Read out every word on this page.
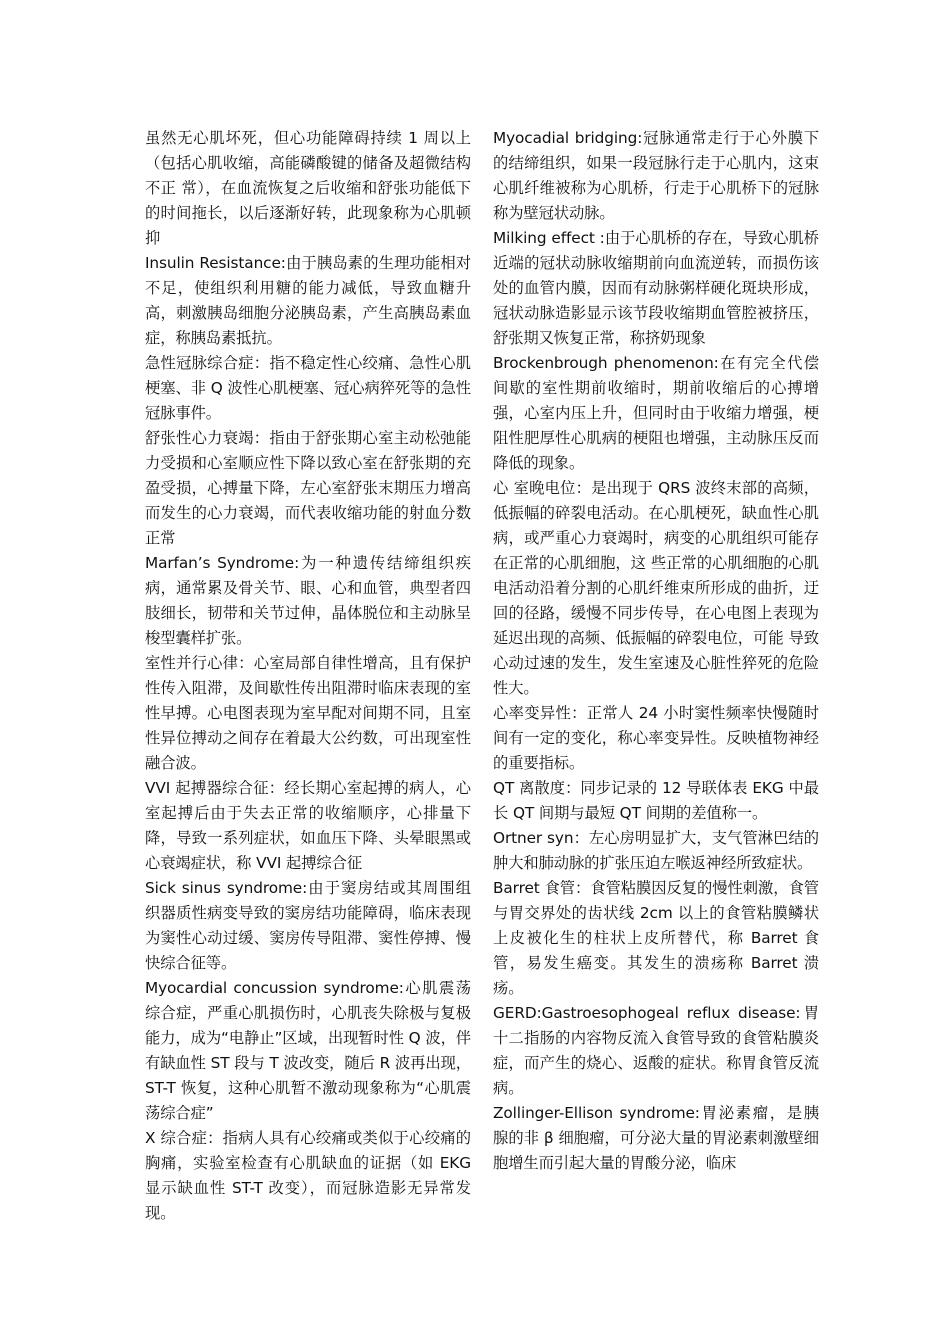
虽然无心肌坏死，但心功能障碍持续 1 周以上（包括心肌收缩，高能磷酸键的储备及超微结构不正 常），在血流恢复之后收缩和舒张功能低下的时间拖长，以后逐渐好转，此现象称为心肌顿抑

Insulin Resistance:由于胰岛素的生理功能相对不足，使组织利用糖的能力减低，导致血糖升高，刺激胰岛细胞分泌胰岛素，产生高胰岛素血症，称胰岛素抵抗。

急性冠脉综合症：指不稳定性心绞痛、急性心肌梗塞、非 Q 波性心肌梗塞、冠心病猝死等的急性冠脉事件。

舒张性心力衰竭：指由于舒张期心室主动松弛能力受损和心室顺应性下降以致心室在舒张期的充盈受损，心搏量下降，左心室舒张末期压力增高而发生的心力衰竭，而代表收缩功能的射血分数正常

Marfan’s Syndrome:为一种遗传结缔组织疾病，通常累及骨关节、眼、心和血管，典型者四肢细长，韧带和关节过伸，晶体脱位和主动脉呈梭型囊样扩张。

室性并行心律：心室局部自律性增高，且有保护性传入阻滞，及间歇性传出阻滞时临床表现的室性早搏。心电图表现为室早配对间期不同，且室性异位搏动之间存在着最大公约数，可出现室性融合波。

VVI 起搏器综合征：经长期心室起搏的病人，心室起搏后由于失去正常的收缩顺序，心排量下降，导致一系列症状，如血压下降、头晕眼黑或心衰竭症状，称 VVI 起搏综合征

Sick sinus syndrome:由于窦房结或其周围组织器质性病变导致的窦房结功能障碍，临床表现为窦性心动过缓、窦房传导阻滞、窦性停搏、慢快综合征等。

Myocardial concussion syndrome:心肌震荡综合症，严重心肌损伤时，心肌丧失除极与复极能力，成为“电静止”区域，出现暂时性 Q 波，伴有缺血性 ST 段与 T 波改变，随后 R 波再出现，ST-T 恢复，这种心肌暂不激动现象称为“心肌震荡综合症”

X 综合症：指病人具有心绞痛或类似于心绞痛的胸痛，实验室检查有心肌缺血的证据（如 EKG 显示缺血性 ST-T 改变），而冠脉造影无异常发现。

Myocadial bridging:冠脉通常走行于心外膜下的结缔组织，如果一段冠脉行走于心肌内，这束心肌纤维被称为心肌桥，行走于心肌桥下的冠脉称为壁冠状动脉。

Milking effect :由于心肌桥的存在，导致心肌桥近端的冠状动脉收缩期前向血流逆转，而损伤该处的血管内膜，因而有动脉粥样硬化斑块形成，冠状动脉造影显示该节段收缩期血管腔被挤压，舒张期又恢复正常，称挤奶现象

Brockenbrough phenomenon:在有完全代偿间歇的室性期前收缩时，期前收缩后的心搏增强，心室内压上升，但同时由于收缩力增强，梗阻性肥厚性心肌病的梗阻也增强，主动脉压反而降低的现象。

心 室晚电位：是出现于 QRS 波终末部的高频，低振幅的碎裂电活动。在心肌梗死，缺血性心肌病，或严重心力衰竭时，病变的心肌组织可能存在正常的心肌细胞，这 些正常的心肌细胞的心肌电活动沿着分割的心肌纤维束所形成的曲折，迂回的径路，缓慢不同步传导，在心电图上表现为延迟出现的高频、低振幅的碎裂电位，可能 导致心动过速的发生，发生室速及心脏性猝死的危险性大。

心率变异性：正常人 24 小时窦性频率快慢随时间有一定的变化，称心率变异性。反映植物神经的重要指标。

QT 离散度：同步记录的 12 导联体表 EKG 中最长 QT 间期与最短 QT 间期的差值称一。

Ortner syn：左心房明显扩大，支气管淋巴结的肿大和肺动脉的扩张压迫左喉返神经所致症状。

Barret 食管：食管粘膜因反复的慢性刺激，食管与胃交界处的齿状线 2cm 以上的食管粘膜鳞状上皮被化生的柱状上皮所替代，称 Barret 食管，易发生癌变。其发生的溃疡称 Barret 溃疡。

GERD:Gastroesophogeal reflux disease:胃十二指肠的内容物反流入食管导致的食管粘膜炎症，而产生的烧心、返酸的症状。称胃食管反流病。

Zollinger-Ellison syndrome:胃泌素瘤，是胰腺的非 β 细胞瘤，可分泌大量的胃泌素刺激壁细胞增生而引起大量的胃酸分泌，临床
